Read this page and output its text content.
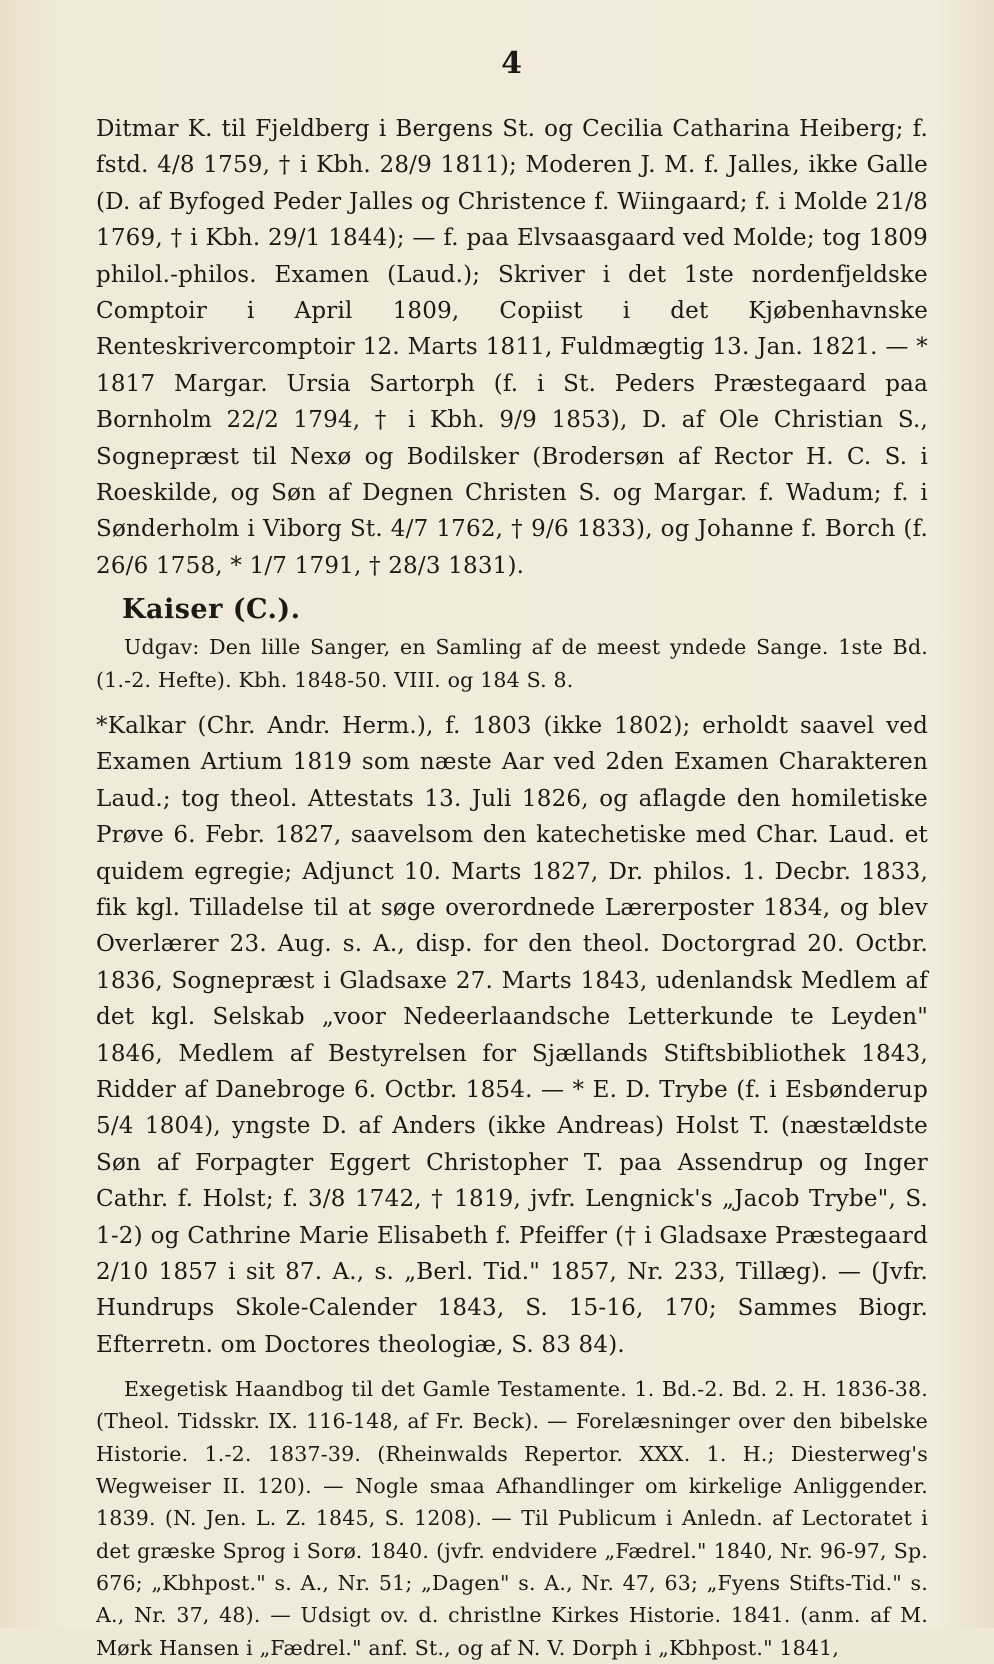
4

Ditmar K. til Fjeldberg i Bergens St. og Cecilia Catharina Heiberg; f. fstd. 4/8 1759, † i Kbh. 28/9 1811); Moderen J. M. f. Jalles, ikke Galle (D. af Byfoged Peder Jalles og Christence f. Wiingaard; f. i Molde 21/8 1769, † i Kbh. 29/1 1844); — f. paa Elvsaasgaard ved Molde; tog 1809 philol.-philos. Examen (Laud.); Skriver i det 1ste nordenfjeldske Comptoir i April 1809, Copiist i det Kjøbenhavnske Renteskrivercomptoir 12. Marts 1811, Fuldmægtig 13. Jan. 1821. — * 1817 Margar. Ursia Sartorph (f. i St. Peders Præstegaard paa Bornholm 22/2 1794, † i Kbh. 9/9 1853), D. af Ole Christian S., Sognepræst til Nexø og Bodilsker (Brodersøn af Rector H. C. S. i Roeskilde, og Søn af Degnen Christen S. og Margar. f. Wadum; f. i Sønderholm i Viborg St. 4/7 1762, † 9/6 1833), og Johanne f. Borch (f. 26/6 1758, * 1/7 1791, † 28/3 1831).

Kaiser (C.).

Udgav: Den lille Sanger, en Samling af de meest yndede Sange. 1ste Bd. (1.-2. Hefte). Kbh. 1848-50. VIII. og 184 S. 8.

*Kalkar (Chr. Andr. Herm.), f. 1803 (ikke 1802); erholdt saavel ved Examen Artium 1819 som næste Aar ved 2den Examen Charakteren Laud.; tog theol. Attestats 13. Juli 1826, og aflagde den homiletiske Prøve 6. Febr. 1827, saavelsom den katechetiske med Char. Laud. et quidem egregie; Adjunct 10. Marts 1827, Dr. philos. 1. Decbr. 1833, fik kgl. Tilladelse til at søge overordnede Lærerposter 1834, og blev Overlærer 23. Aug. s. A., disp. for den theol. Doctorgrad 20. Octbr. 1836, Sognepræst i Gladsaxe 27. Marts 1843, udenlandsk Medlem af det kgl. Selskab „voor Nedeerlaandsche Letterkunde te Leyden" 1846, Medlem af Bestyrelsen for Sjællands Stiftsbibliothek 1843, Ridder af Danebroge 6. Octbr. 1854. — * E. D. Trybe (f. i Esbønderup 5/4 1804), yngste D. af Anders (ikke Andreas) Holst T. (næstældste Søn af Forpagter Eggert Christopher T. paa Assendrup og Inger Cathr. f. Holst; f. 3/8 1742, † 1819, jvfr. Lengnick's „Jacob Trybe", S. 1-2) og Cathrine Marie Elisabeth f. Pfeiffer († i Gladsaxe Præstegaard 2/10 1857 i sit 87. A., s. „Berl. Tid." 1857, Nr. 233, Tillæg). — (Jvfr. Hundrups Skole-Calender 1843, S. 15-16, 170; Sammes Biogr. Efterretn. om Doctores theologiæ, S. 83 84).

Exegetisk Haandbog til det Gamle Testamente. 1. Bd.-2. Bd. 2. H. 1836-38. (Theol. Tidsskr. IX. 116-148, af Fr. Beck). — Forelæsninger over den bibelske Historie. 1.-2. 1837-39. (Rheinwalds Repertor. XXX. 1. H.; Diesterweg's Wegweiser II. 120). — Nogle smaa Afhandlinger om kirkelige Anliggender. 1839. (N. Jen. L. Z. 1845, S. 1208). — Til Publicum i Anledn. af Lectoratet i det græske Sprog i Sorø. 1840. (jvfr. endvidere „Fædrel." 1840, Nr. 96-97, Sp. 676; „Kbhpost." s. A., Nr. 51; „Dagen" s. A., Nr. 47, 63; „Fyens Stifts-Tid." s. A., Nr. 37, 48). — Udsigt ov. d. christlne Kirkes Historie. 1841. (anm. af M. Mørk Hansen i „Fædrel." anf. St., og af N. V. Dorph i „Kbhpost." 1841,
